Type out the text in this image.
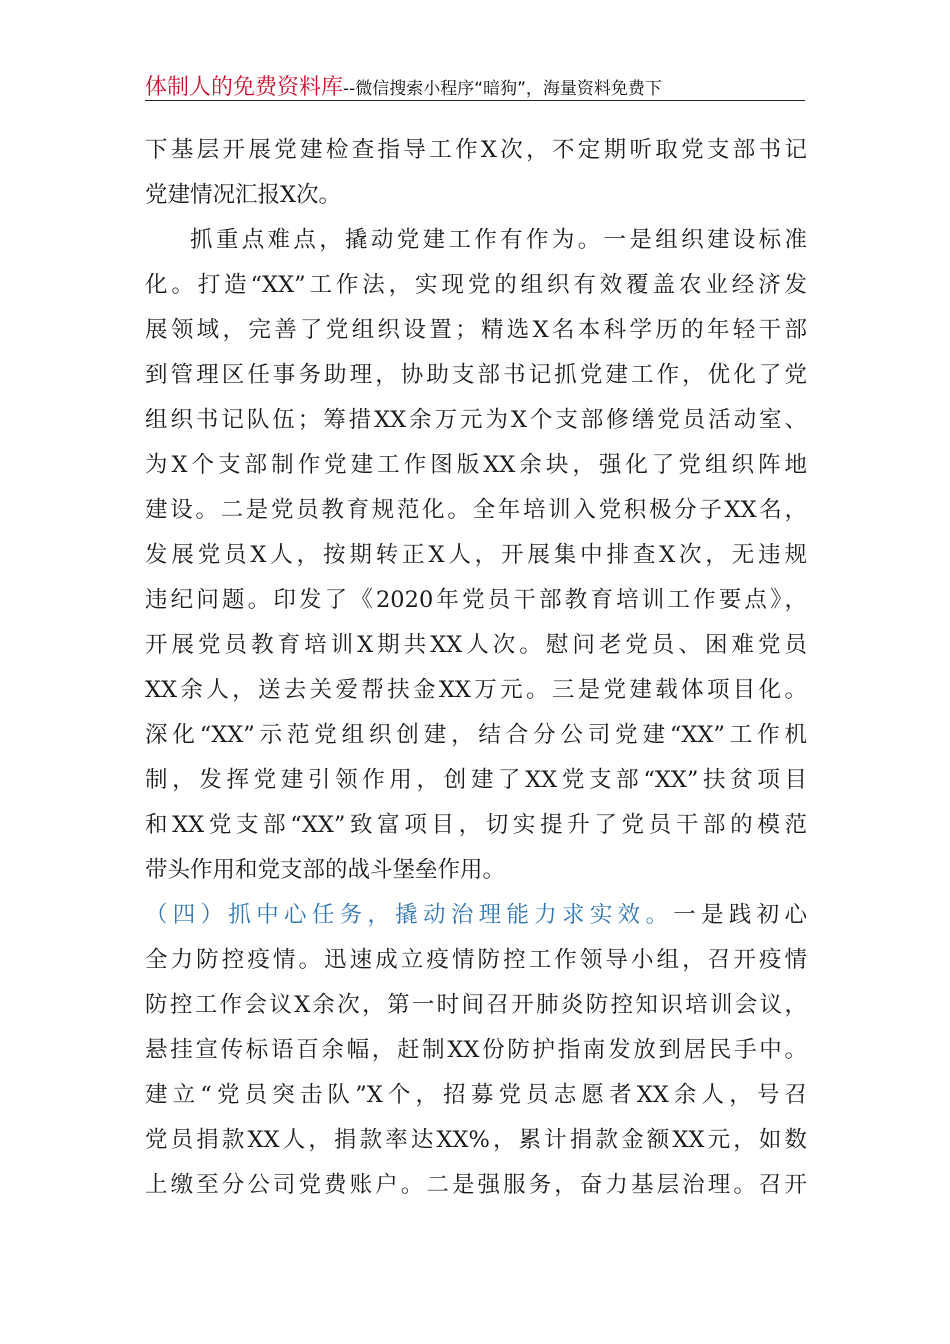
体制人的免费资料库--微信搜索小程序“暗狗”，海量资料免费下
下基层开展党建检查指导工作X次，不定期听取党支部书记
党建情况汇报X次。
抓重点难点，撬动党建工作有作为。一是组织建设标准
化。打造“XX”工作法，实现党的组织有效覆盖农业经济发
展领域，完善了党组织设置；精选X名本科学历的年轻干部
到管理区任事务助理，协助支部书记抓党建工作，优化了党
组织书记队伍；筹措XX余万元为X个支部修缮党员活动室、
为X个支部制作党建工作图版XX余块，强化了党组织阵地
建设。二是党员教育规范化。全年培训入党积极分子XX名，
发展党员X人，按期转正X人，开展集中排查X次，无违规
违纪问题。印发了《2020年党员干部教育培训工作要点》，
开展党员教育培训X期共XX人次。慰问老党员、困难党员
XX余人，送去关爱帮扶金XX万元。三是党建载体项目化。
深化“XX”示范党组织创建，结合分公司党建“XX”工作机
制，发挥党建引领作用，创建了XX党支部“XX”扶贫项目
和XX党支部“XX”致富项目，切实提升了党员干部的模范
带头作用和党支部的战斗堡垒作用。
（四）抓中心任务，撬动治理能力求实效。一是践初心
全力防控疫情。迅速成立疫情防控工作领导小组，召开疫情
防控工作会议X余次，第一时间召开肺炎防控知识培训会议，
悬挂宣传标语百余幅，赶制XX份防护指南发放到居民手中。
建立“党员突击队”X个，招募党员志愿者XX余人，号召
党员捐款XX人，捐款率达XX%，累计捐款金额XX元，如数
上缴至分公司党费账户。二是强服务，奋力基层治理。召开
